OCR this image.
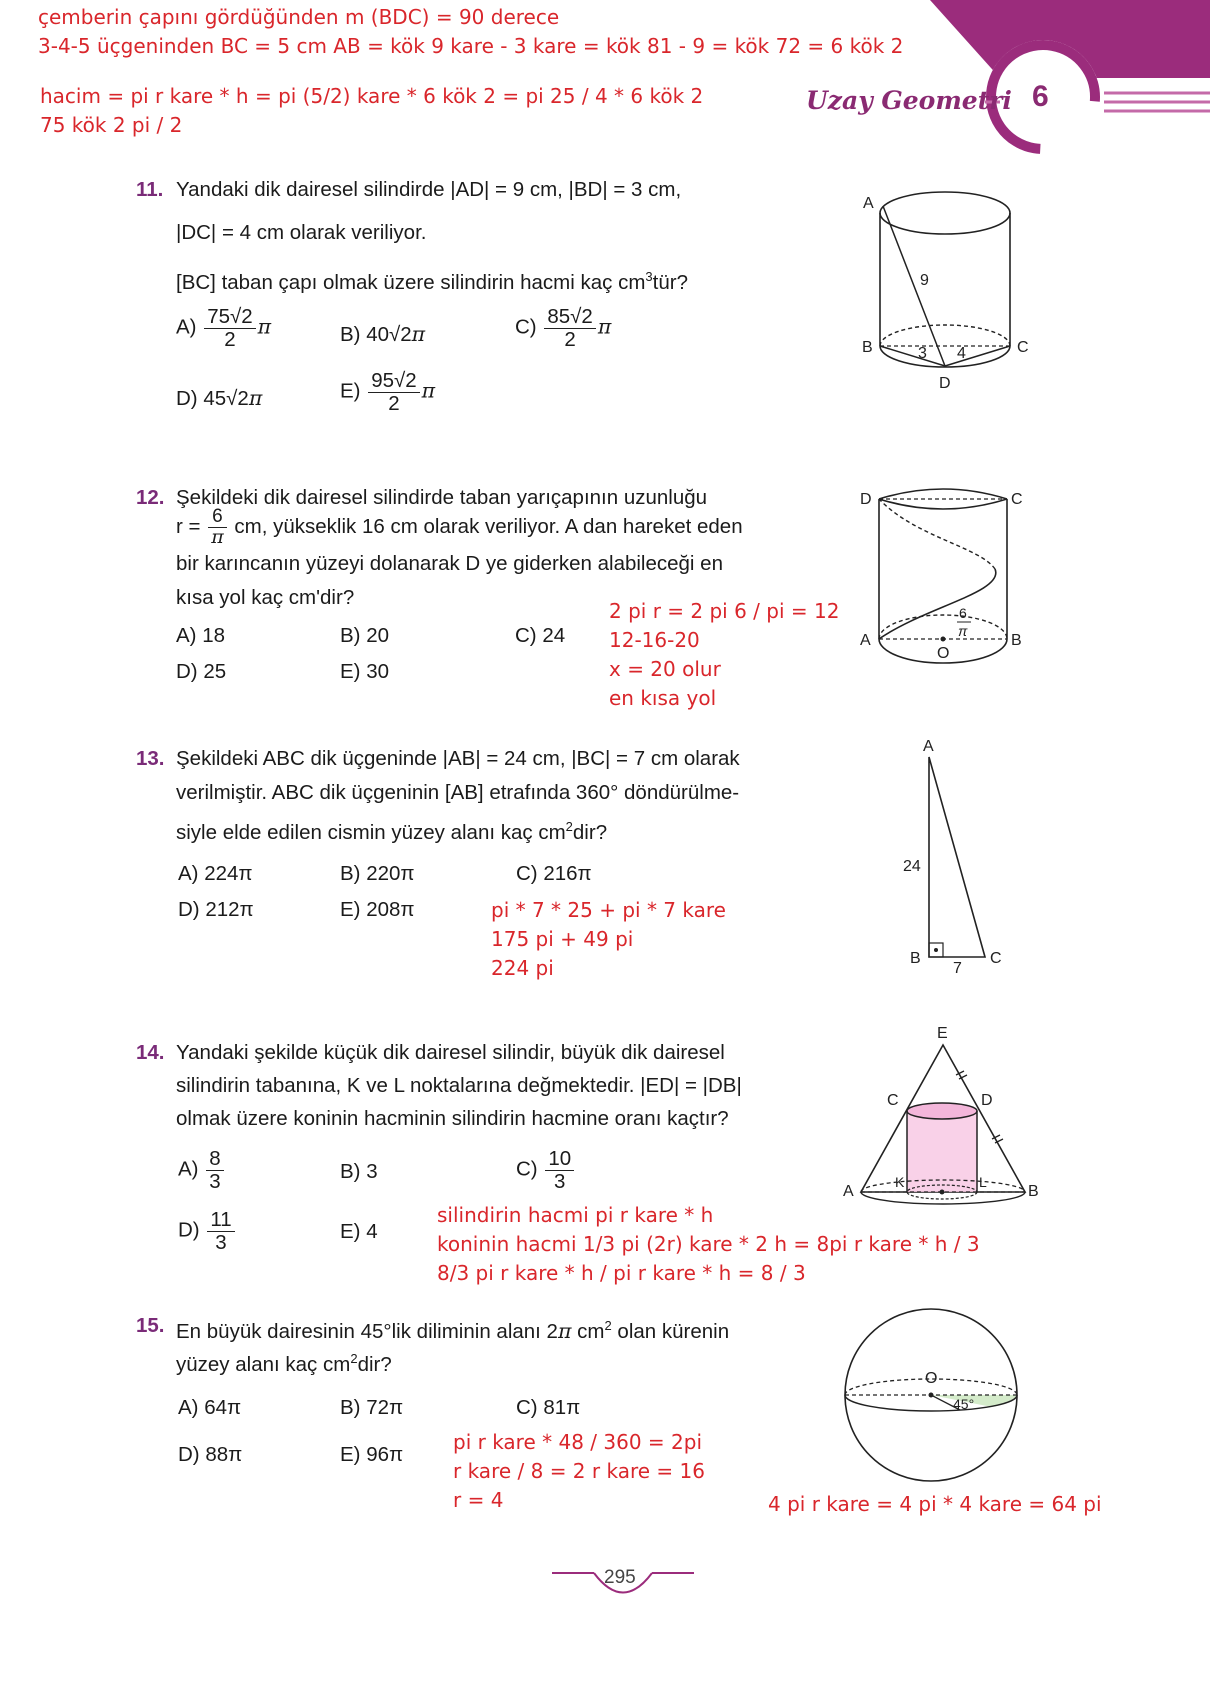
Uzay Geometri 6
çemberin çapını gördüğünden m (BDC) = 90 derece
3-4-5 üçgeninden BC = 5 cm AB = kök 9 kare - 3 kare = kök 81 - 9 = kök 72 = 6 kök 2
hacim = pi r kare * h = pi (5/2) kare * 6 kök 2 = pi 25 / 4 * 6 kök 2
75 kök 2 pi / 2
11. Yandaki dik dairesel silindirde |AD| = 9 cm, |BD| = 3 cm,
|DC| = 4 cm olarak veriliyor.
[BC] taban çapı olmak üzere silindirin hacmi kaç $cm^3tür$?
$A) \frac{75√2}{2}$ π	B) 40√2π	$C) \frac{85√2}{2}$ π
D) 45√2π	$E) \frac{95√2}{2}$ π
A
B	C
D
9
3 4
12. Şekildeki dik dairesel silindirde taban yarıçapının uzunluğu
$r = \frac{6}{\pi}$ cm, yükseklik 16 cm olarak veriliyor. A dan hareket eden
bir karıncanın yüzeyi dolanarak D ye giderken alabileceği en
kısa yol kaç cm'dir?
A) 18	B) 20	C) 24
D) 25	E) 30
2 pi r = 2 pi 6 / pi = 12
12-16-20
x = 20 olur
en kısa yol
D	C
A	B
O
6
π
13. Şekildeki ABC dik üçgeninde |AB| = 24 cm, |BC| = 7 cm olarak
verilmiştir. ABC dik üçgeninin [AB] etrafında 360° döndürülme-
siyle elde edilen cismin yüzey alanı kaç $cm^2dir$?
A) 224π	B) 220π	C) 216π
D) 212π	E) 208π	pi * 7 * 25 + pi * 7 kare
175 pi + 49 pi
224 pi
A
B	C
24
7
14. Yandaki şekilde küçük dik dairesel silindir, büyük dik dairesel
silindirin tabanına, K ve L noktalarına değmektedir. |ED| = |DB|
olmak üzere koninin hacminin silindirin hacmine oranı kaçtır?
$A) \frac{8}{3}$	B) 3	$C) \frac{10}{3}$
$D) \frac{11}{3}$	E) 4
silindirin hacmi pi r kare * h
koninin hacmi 1/3 pi (2r) kare * 2 h = 8pi r kare * h / 3
8/3 pi r kare * h / pi r kare * h = 8 / 3
E
C	D
A	B
K	L
15. En büyük dairesinin 45°lik diliminin alanı 2π $cm^2$ olan kürenin
yüzey alanı kaç $cm^2dir$?
A) 64π	B) 72π	C) 81π
D) 88π	E) 96π
pi r kare * 48 / 360 = 2pi
r kare / 8 = 2 r kare = 16
r = 4	4 pi r kare = 4 pi * 4 kare = 64 pi
O
45°
295
